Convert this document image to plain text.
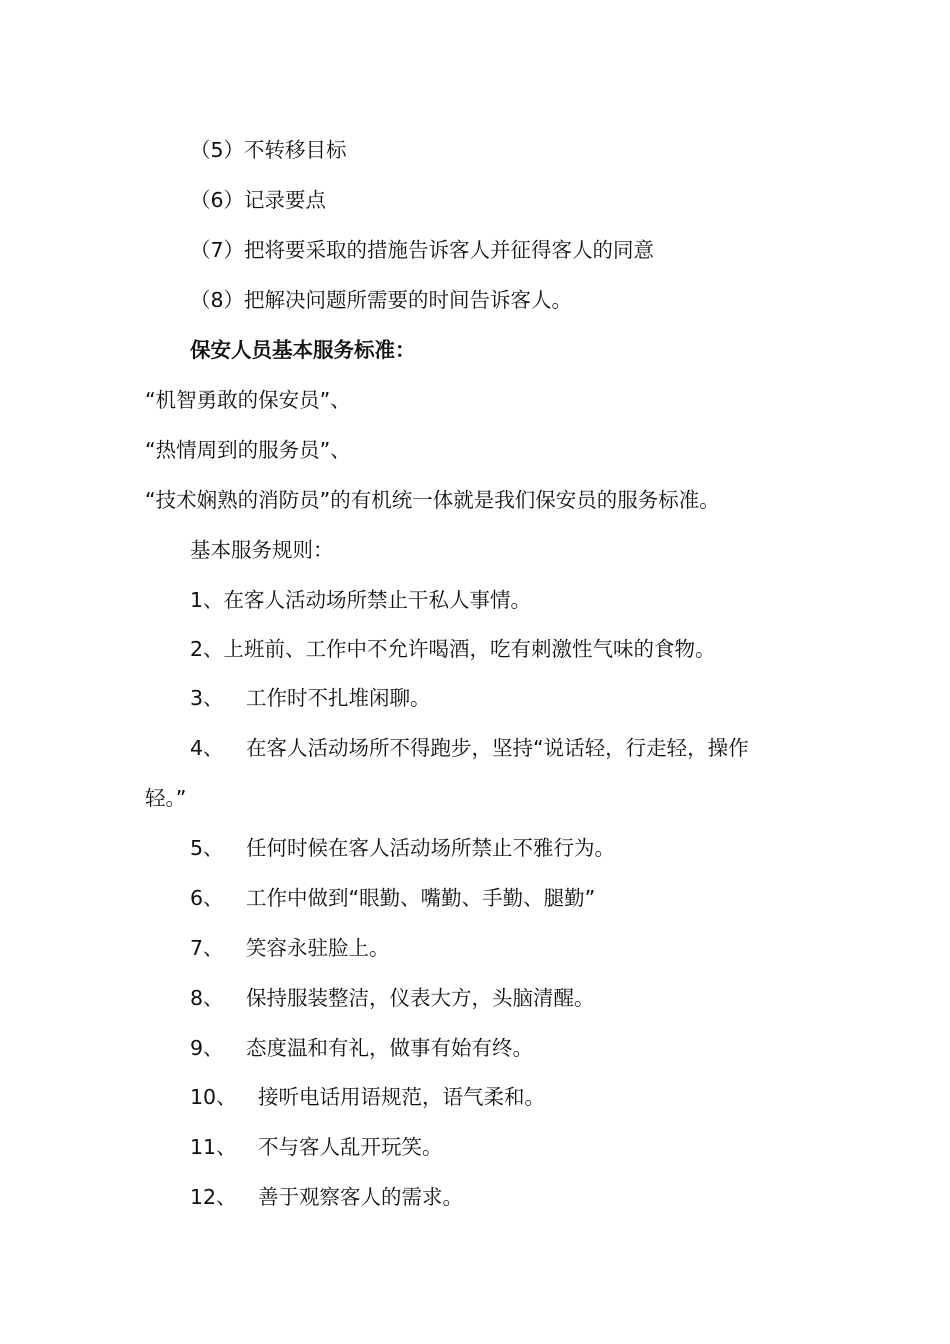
（5）不转移目标
（6）记录要点
（7）把将要采取的措施告诉客人并征得客人的同意
（8）把解决问题所需要的时间告诉客人。
保安人员基本服务标准：
“机智勇敢的保安员”、
“热情周到的服务员”、
“技术娴熟的消防员”的有机统一体就是我们保安员的服务标准。
基本服务规则：
1、在客人活动场所禁止干私人事情。
2、上班前、工作中不允许喝酒，吃有刺激性气味的食物。
3、 工作时不扎堆闲聊。
4、 在客人活动场所不得跑步，坚持“说话轻，行走轻，操作
轻。”
5、 任何时候在客人活动场所禁止不雅行为。
6、 工作中做到“眼勤、嘴勤、手勤、腿勤”
7、 笑容永驻脸上。
8、 保持服装整洁，仪表大方，头脑清醒。
9、 态度温和有礼，做事有始有终。
10、 接听电话用语规范，语气柔和。
11、 不与客人乱开玩笑。
12、 善于观察客人的需求。
